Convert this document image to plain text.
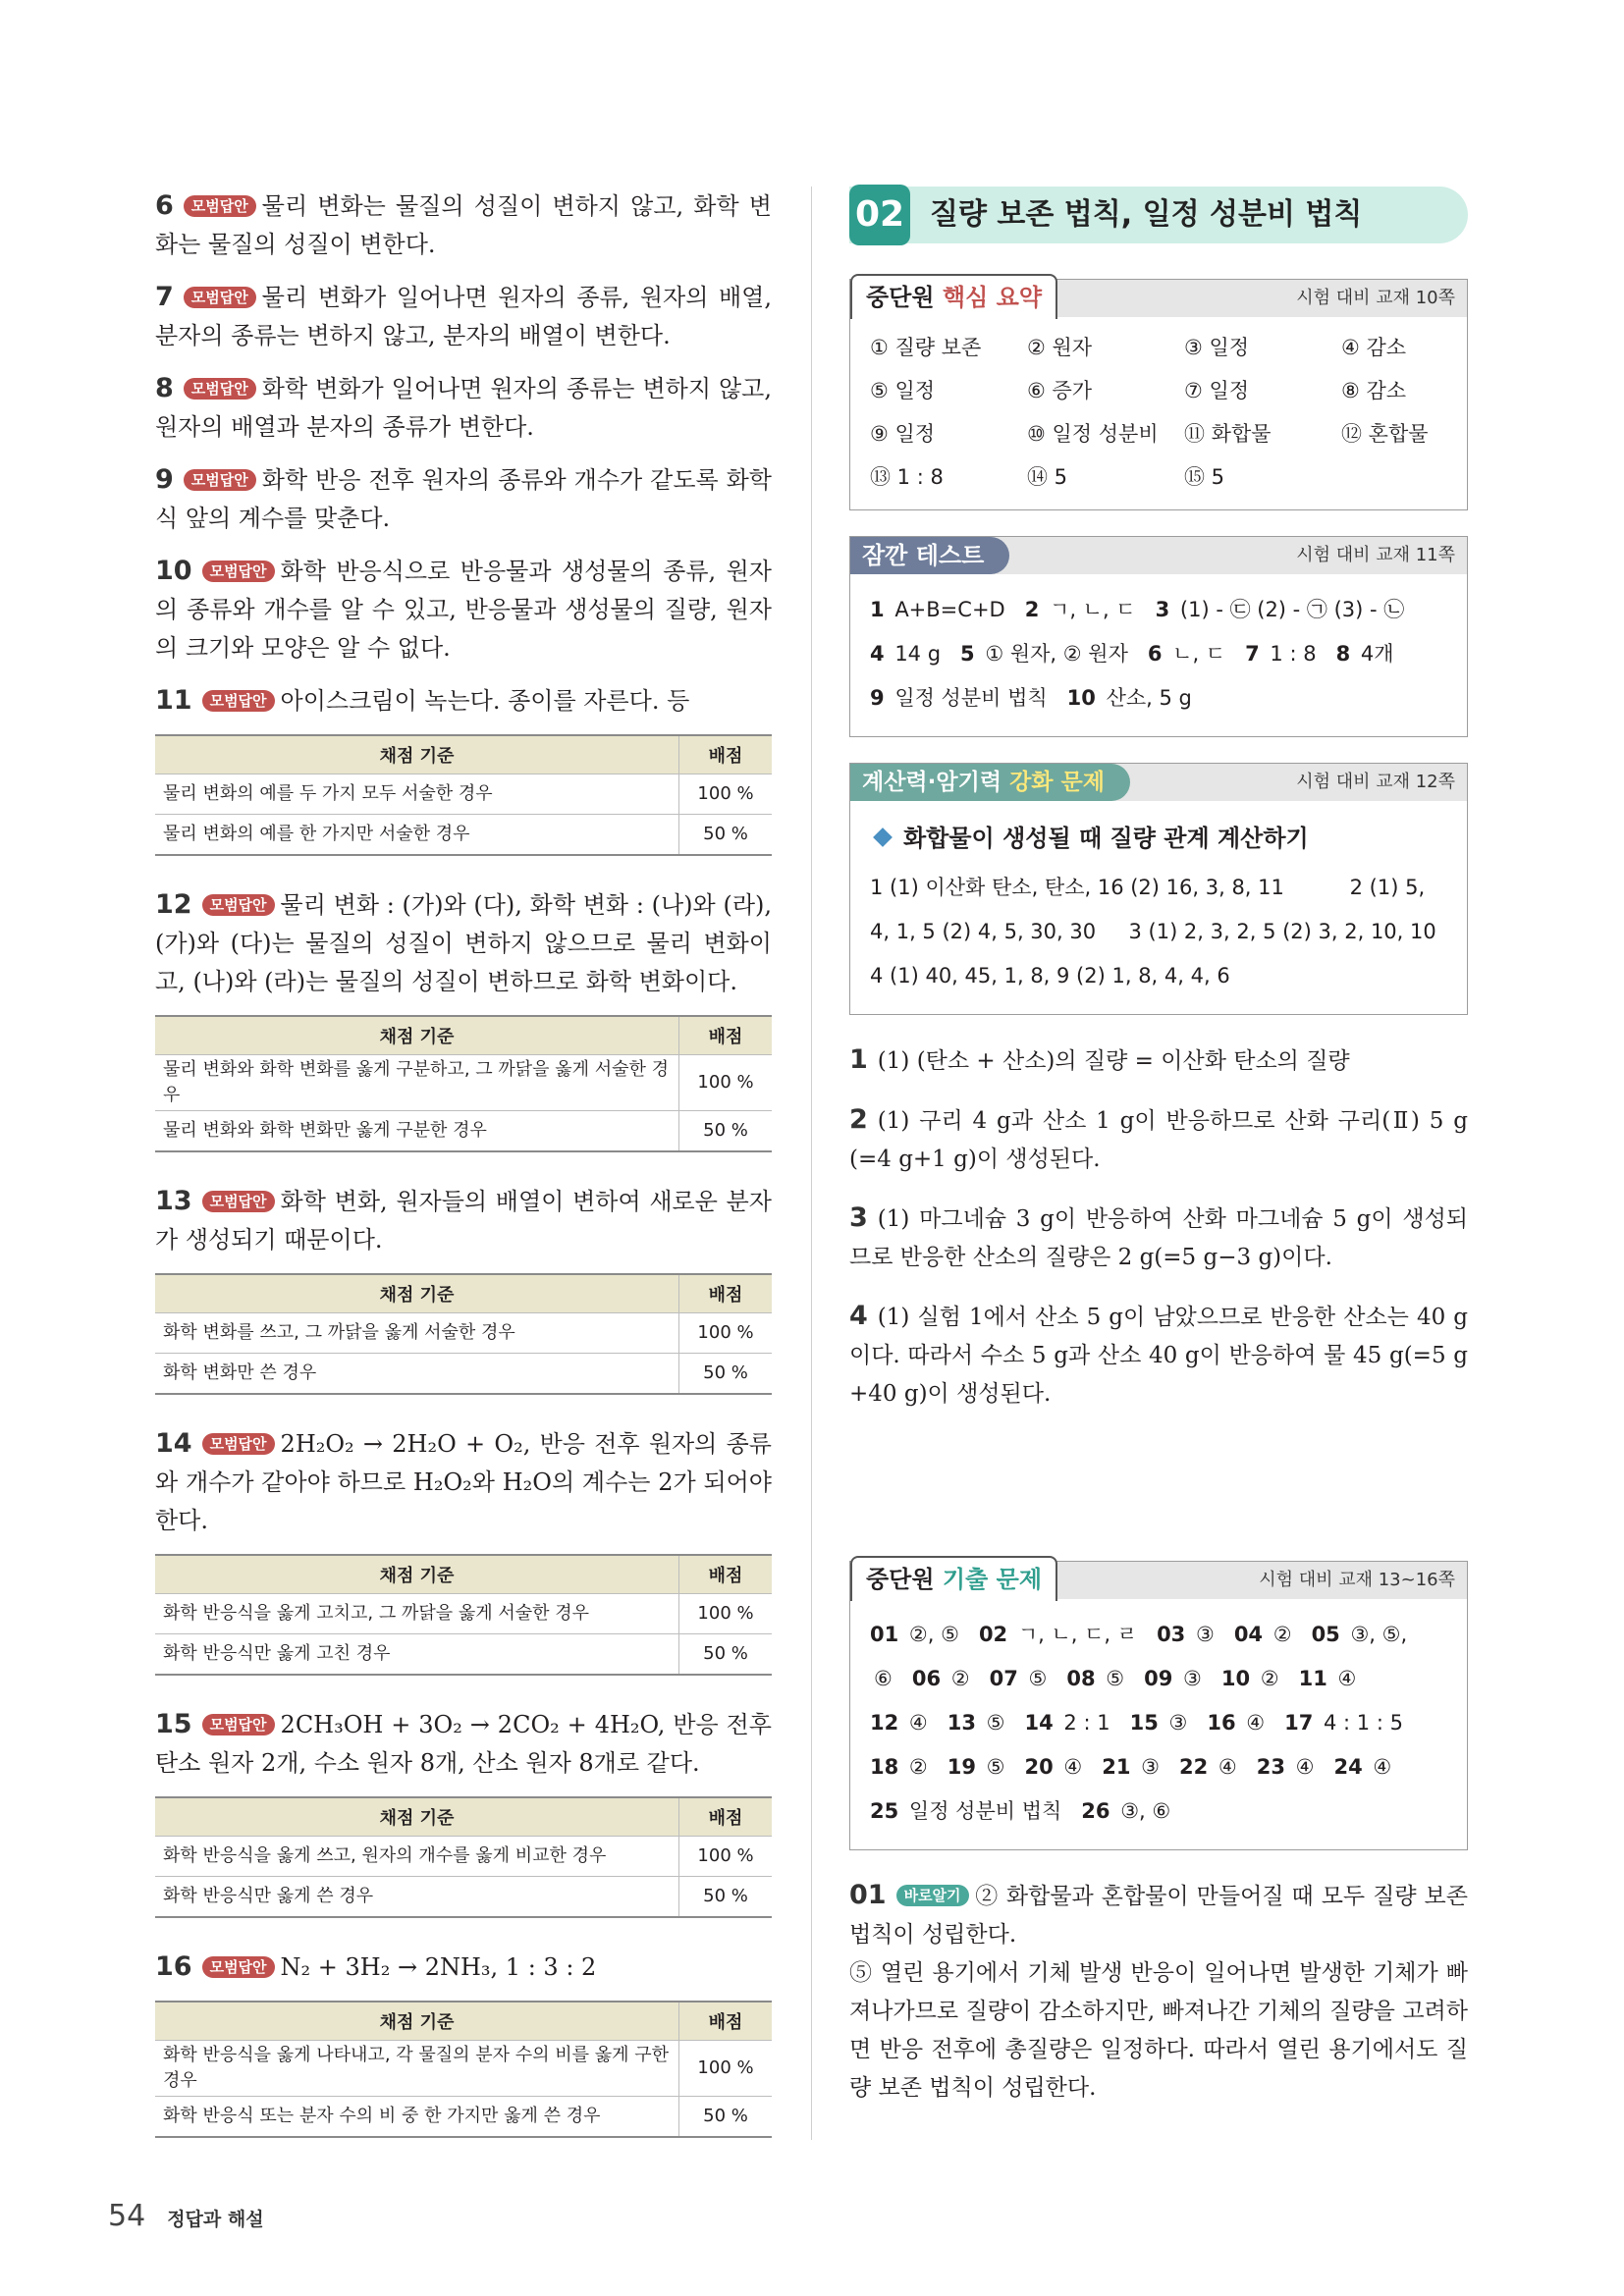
6 모범답안 물리 변화는 물질의 성질이 변하지 않고, 화학 변화는 물질의 성질이 변한다.

7 모범답안 물리 변화가 일어나면 원자의 종류, 원자의 배열, 분자의 종류는 변하지 않고, 분자의 배열이 변한다.

8 모범답안 화학 변화가 일어나면 원자의 종류는 변하지 않고, 원자의 배열과 분자의 종류가 변한다.

9 모범답안 화학 반응 전후 원자의 종류와 개수가 같도록 화학식 앞의 계수를 맞춘다.

10 모범답안 화학 반응식으로 반응물과 생성물의 종류, 원자의 종류와 개수를 알 수 있고, 반응물과 생성물의 질량, 원자의 크기와 모양은 알 수 없다.

11 모범답안 아이스크림이 녹는다. 종이를 자른다. 등

채점 기준	배점
물리 변화의 예를 두 가지 모두 서술한 경우	100 %
물리 변화의 예를 한 가지만 서술한 경우	50 %

12 모범답안 물리 변화 : (가)와 (다), 화학 변화 : (나)와 (라), (가)와 (다)는 물질의 성질이 변하지 않으므로 물리 변화이고, (나)와 (라)는 물질의 성질이 변하므로 화학 변화이다.

채점 기준	배점
물리 변화와 화학 변화를 옳게 구분하고, 그 까닭을 옳게 서술한 경우	100 %
물리 변화와 화학 변화만 옳게 구분한 경우	50 %

13 모범답안 화학 변화, 원자들의 배열이 변하여 새로운 분자가 생성되기 때문이다.

채점 기준	배점
화학 변화를 쓰고, 그 까닭을 옳게 서술한 경우	100 %
화학 변화만 쓴 경우	50 %

14 모범답안 2H₂O₂ → 2H₂O + O₂, 반응 전후 원자의 종류와 개수가 같아야 하므로 H₂O₂와 H₂O의 계수는 2가 되어야 한다.

채점 기준	배점
화학 반응식을 옳게 고치고, 그 까닭을 옳게 서술한 경우	100 %
화학 반응식만 옳게 고친 경우	50 %

15 모범답안 2CH₃OH + 3O₂ → 2CO₂ + 4H₂O, 반응 전후 탄소 원자 2개, 수소 원자 8개, 산소 원자 8개로 같다.

채점 기준	배점
화학 반응식을 옳게 쓰고, 원자의 개수를 옳게 비교한 경우	100 %
화학 반응식만 옳게 쓴 경우	50 %

16 모범답안 N₂ + 3H₂ → 2NH₃, 1 : 3 : 2

채점 기준	배점
화학 반응식을 옳게 나타내고, 각 물질의 분자 수의 비를 옳게 구한 경우	100 %
화학 반응식 또는 분자 수의 비 중 한 가지만 옳게 쓴 경우	50 %
02 질량 보존 법칙, 일정 성분비 법칙
중단원 핵심 요약	시험 대비 교재 10쪽
① 질량 보존	② 원자	③ 일정	④ 감소
⑤ 일정	⑥ 증가	⑦ 일정	⑧ 감소
⑨ 일정	⑩ 일정 성분비	⑪ 화합물	⑫ 혼합물
⑬ 1 : 8	⑭ 5	⑮ 5
잠깐 테스트	시험 대비 교재 11쪽
1 A+B=C+D 2 ㄱ, ㄴ, ㄷ 3 (1) - ㉢ (2) - ㉠ (3) - ㉡
4 14 g 5 ① 원자, ② 원자 6 ㄴ, ㄷ 7 1 : 8 8 4개
9 일정 성분비 법칙 10 산소, 5 g
계산력·암기력 강화 문제	시험 대비 교재 12쪽
화합물이 생성될 때 질량 관계 계산하기
1 (1) 이산화 탄소, 탄소, 16 (2) 16, 3, 8, 11          2 (1) 5,
4, 1, 5 (2) 4, 5, 30, 30     3 (1) 2, 3, 2, 5 (2) 3, 2, 10, 10
4 (1) 40, 45, 1, 8, 9 (2) 1, 8, 4, 4, 6

1 (1) (탄소 + 산소)의 질량 = 이산화 탄소의 질량

2 (1) 구리 4 g과 산소 1 g이 반응하므로 산화 구리(Ⅱ) 5 g (=4 g+1 g)이 생성된다.

3 (1) 마그네슘 3 g이 반응하여 산화 마그네슘 5 g이 생성되므로 반응한 산소의 질량은 2 g(=5 g−3 g)이다.

4 (1) 실험 1에서 산소 5 g이 남았으므로 반응한 산소는 40 g이다. 따라서 수소 5 g과 산소 40 g이 반응하여 물 45 g(=5 g +40 g)이 생성된다.

중단원 기출 문제	시험 대비 교재 13~16쪽
01 ②, ⑤ 02 ㄱ, ㄴ, ㄷ, ㄹ 03 ③ 04 ② 05 ③, ⑤,
⑥ 06 ② 07 ⑤ 08 ⑤ 09 ③ 10 ② 11 ④
12 ④ 13 ⑤ 14 2 : 1 15 ③ 16 ④ 17 4 : 1 : 5
18 ② 19 ⑤ 20 ④ 21 ③ 22 ④ 23 ④ 24 ④
25 일정 성분비 법칙 26 ③, ⑥

01 바로알기 ② 화합물과 혼합물이 만들어질 때 모두 질량 보존 법칙이 성립한다.
⑤ 열린 용기에서 기체 발생 반응이 일어나면 발생한 기체가 빠져나가므로 질량이 감소하지만, 빠져나간 기체의 질량을 고려하면 반응 전후에 총질량은 일정하다. 따라서 열린 용기에서도 질량 보존 법칙이 성립한다.

54 정답과 해설
